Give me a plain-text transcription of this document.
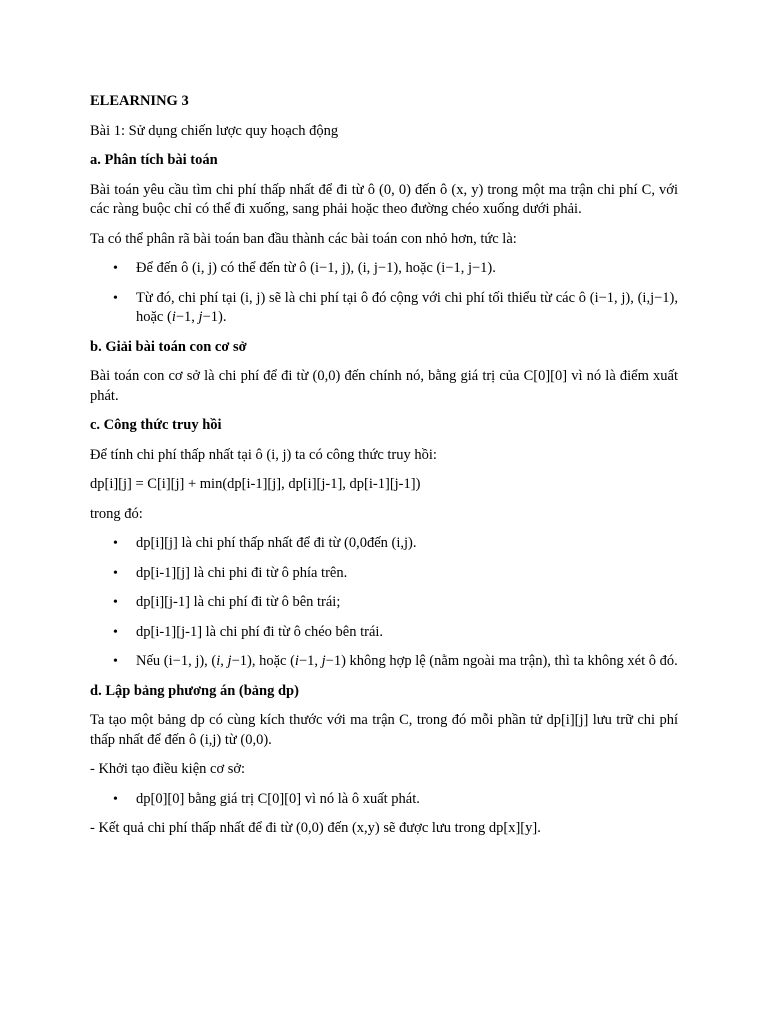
ELEARNING 3
Bài 1: Sử dụng chiến lược quy hoạch động
a. Phân tích bài toán
Bài toán yêu cầu tìm chi phí thấp nhất để đi từ ô (0, 0) đến ô (x, y) trong một ma trận chi phí C, với các ràng buộc chỉ có thể đi xuống, sang phải hoặc theo đường chéo xuống dưới phải.
Ta có thể phân rã bài toán ban đầu thành các bài toán con nhỏ hơn, tức là:
• Để đến ô (i, j) có thể đến từ ô (i−1, j), (i, j−1), hoặc (i−1, j−1).
• Từ đó, chi phí tại (i, j) sẽ là chi phí tại ô đó cộng với chi phí tối thiểu từ các ô (i−1, j), (i,j−1), hoặc (i−1, j−1).
b. Giải bài toán con cơ sở
Bài toán con cơ sở là chi phí để đi từ (0,0) đến chính nó, bằng giá trị của C[0][0] vì nó là điểm xuất phát.
c. Công thức truy hồi
Để tính chi phí thấp nhất tại ô (i, j) ta có công thức truy hồi:
dp[i][j] = C[i][j] + min(dp[i-1][j], dp[i][j-1], dp[i-1][j-1])
trong đó:
• dp[i][j] là chi phí thấp nhất để đi từ (0,0đến (i,j).
• dp[i-1][j] là chi phi đi từ ô phía trên.
• dp[i][j-1] là chi phí đi từ ô bên trái;
• dp[i-1][j-1] là chi phí đi từ ô chéo bên trái.
• Nếu (i−1, j), (i, j−1), hoặc (i−1, j−1) không hợp lệ (nằm ngoài ma trận), thì ta không xét ô đó.
d. Lập bảng phương án (bảng dp)
Ta tạo một bảng dp có cùng kích thước với ma trận C, trong đó mỗi phần tử dp[i][j] lưu trữ chi phí thấp nhất để đến ô (i,j) từ (0,0).
- Khởi tạo điều kiện cơ sở:
• dp[0][0] bằng giá trị C[0][0] vì nó là ô xuất phát.
- Kết quả chi phí thấp nhất để đi từ (0,0) đến (x,y) sẽ được lưu trong dp[x][y].
